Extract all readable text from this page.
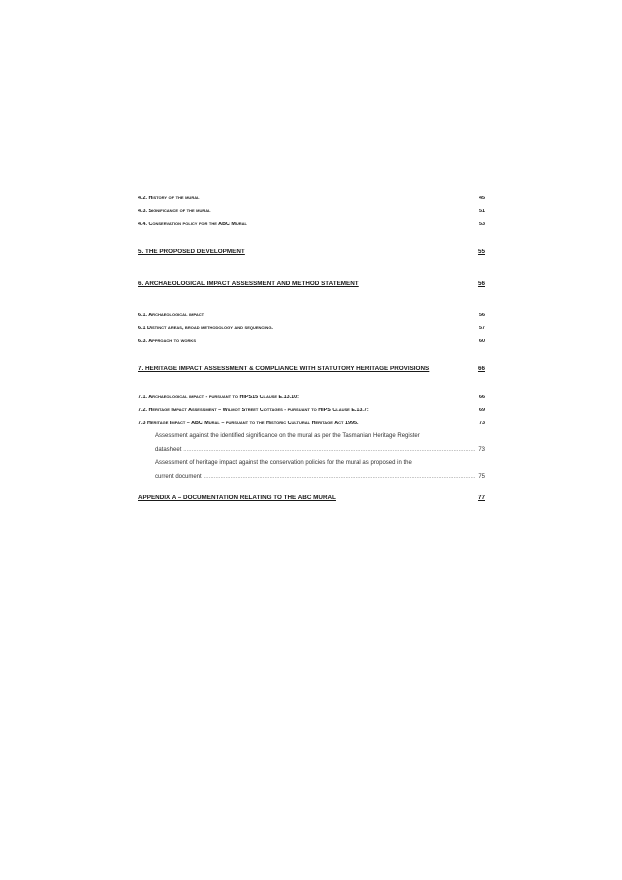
4.2. History of the mural .....	45
4.3. Significance of the mural .....	51
4.4. Conservation policy for the ABC Mural .....	53
5. THE PROPOSED DEVELOPMENT .....	55
6. ARCHAEOLOGICAL IMPACT ASSESSMENT AND METHOD STATEMENT .....	56
6.1. Archaeological impact .....	56
6.1 Distinct areas, broad methodology and sequencing. .....	57
6.3. Approach to works .....	60
7. HERITAGE IMPACT ASSESSMENT & COMPLIANCE WITH STATUTORY HERITAGE PROVISIONS .....	66
7.1. Archaeological impact - pursuant to HIPS15 Clause E.13.10: .....	66
7.2. Heritage Impact Assessment – Wilmot Street Cottages - pursuant to HIPS Clause E.13.7: .....	69
7.3 Heritage Impact – ABC Mural – pursuant to the Historic Cultural Heritage Act 1995. .....	73
Assessment against the identified significance on the mural as per the Tasmanian Heritage Register
datasheet .....	73
Assessment of heritage impact against the conservation policies for the mural as proposed in the
current document .....	75
APPENDIX A – DOCUMENTATION RELATING TO THE ABC MURAL .....	77
